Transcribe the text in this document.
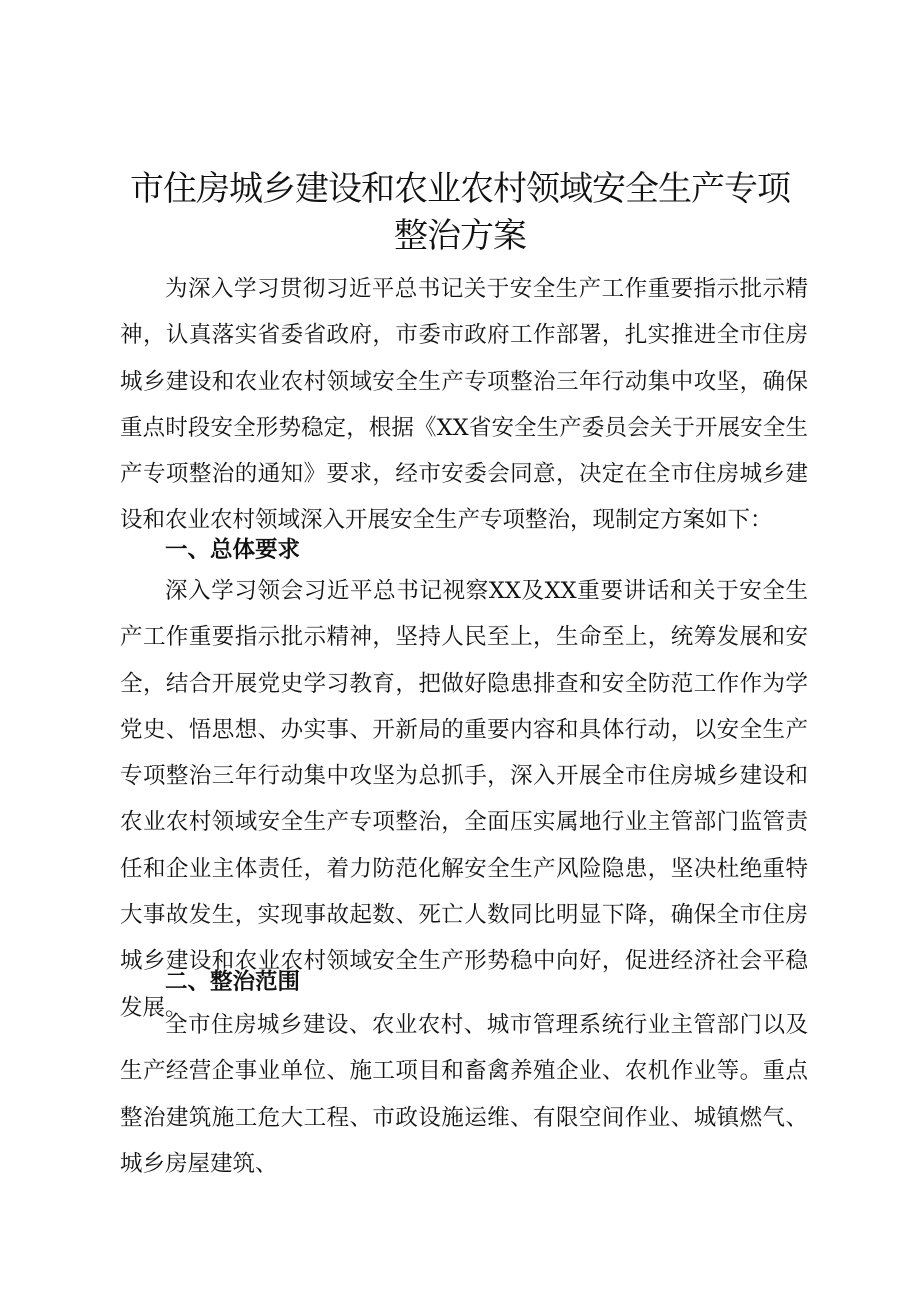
市住房城乡建设和农业农村领域安全生产专项
整治方案

为深入学习贯彻习近平总书记关于安全生产工作重要指示批示精神，认真落实省委省政府，市委市政府工作部署，扎实推进全市住房城乡建设和农业农村领域安全生产专项整治三年行动集中攻坚，确保重点时段安全形势稳定，根据《XX省安全生产委员会关于开展安全生产专项整治的通知》要求，经市安委会同意，决定在全市住房城乡建设和农业农村领域深入开展安全生产专项整治，现制定方案如下：

一、总体要求

深入学习领会习近平总书记视察XX及XX重要讲话和关于安全生产工作重要指示批示精神，坚持人民至上，生命至上，统筹发展和安全，结合开展党史学习教育，把做好隐患排查和安全防范工作作为学党史、悟思想、办实事、开新局的重要内容和具体行动，以安全生产专项整治三年行动集中攻坚为总抓手，深入开展全市住房城乡建设和农业农村领域安全生产专项整治，全面压实属地行业主管部门监管责任和企业主体责任，着力防范化解安全生产风险隐患，坚决杜绝重特大事故发生，实现事故起数、死亡人数同比明显下降，确保全市住房城乡建设和农业农村领域安全生产形势稳中向好，促进经济社会平稳发展。

二、整治范围

全市住房城乡建设、农业农村、城市管理系统行业主管部门以及生产经营企事业单位、施工项目和畜禽养殖企业、农机作业等。重点整治建筑施工危大工程、市政设施运维、有限空间作业、城镇燃气、城乡房屋建筑、
